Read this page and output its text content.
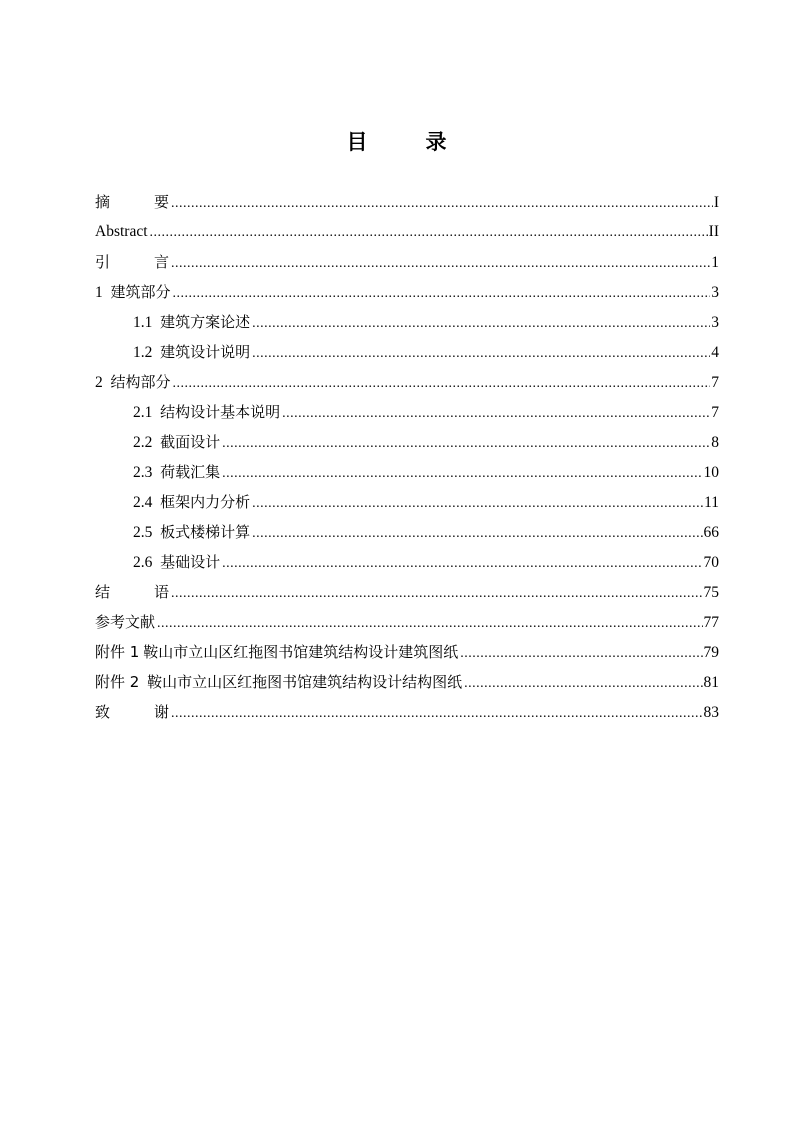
目	录
摘	要 .....	I
Abstract .....	II
引	言 .....	1
1 建筑部分 .....	3
1.1 建筑方案论述 .....	3
1.2 建筑设计说明 .....	4
2 结构部分 .....	7
2.1 结构设计基本说明 .....	7
2.2 截面设计 .....	8
2.3 荷载汇集 .....	10
2.4 框架内力分析 .....	11
2.5 板式楼梯计算 .....	66
2.6 基础设计 .....	70
结	语 .....	75
参考文献 .....	77
附件 1 鞍山市立山区红拖图书馆建筑结构设计建筑图纸 .....	79
附件 2 鞍山市立山区红拖图书馆建筑结构设计结构图纸 .....	81
致	谢 .....	83
